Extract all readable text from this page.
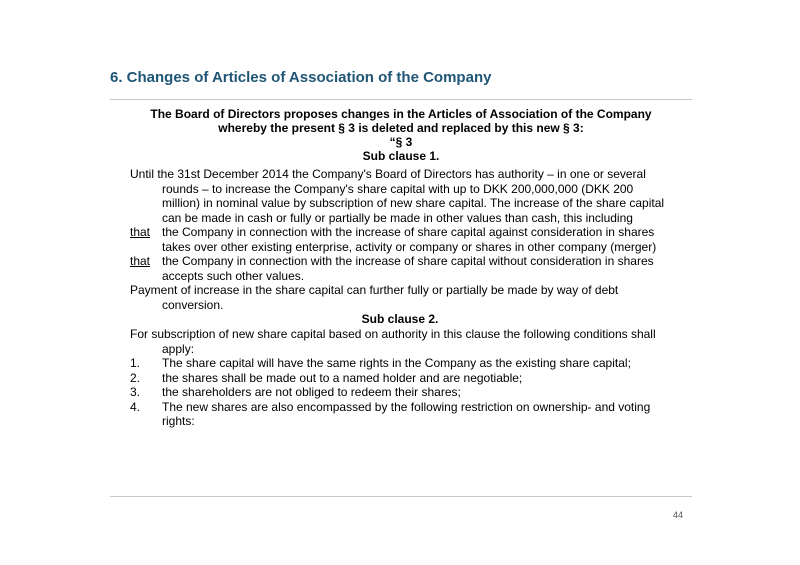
6. Changes of Articles of Association of the Company
The Board of Directors proposes changes in the Articles of Association of the Company
whereby the present § 3 is deleted and replaced by this new § 3:
“§ 3
Sub clause 1.

Until the 31st December 2014 the Company's Board of Directors has authority – in one or several rounds – to increase the Company's share capital with up to DKK 200,000,000 (DKK 200 million) in nominal value by subscription of new share capital. The increase of the share capital can be made in cash or fully or partially be made in other values than cash, this including

that the Company in connection with the increase of share capital against consideration in shares takes over other existing enterprise, activity or company or shares in other company (merger)

that the Company in connection with the increase of share capital without consideration in shares accepts such other values.

Payment of increase in the share capital can further fully or partially be made by way of debt conversion.

Sub clause 2.

For subscription of new share capital based on authority in this clause the following conditions shall apply:

1. The share capital will have the same rights in the Company as the existing share capital;

2. the shares shall be made out to a named holder and are negotiable;

3. the shareholders are not obliged to redeem their shares;

4. The new shares are also encompassed by the following restriction on ownership- and voting rights:

44
